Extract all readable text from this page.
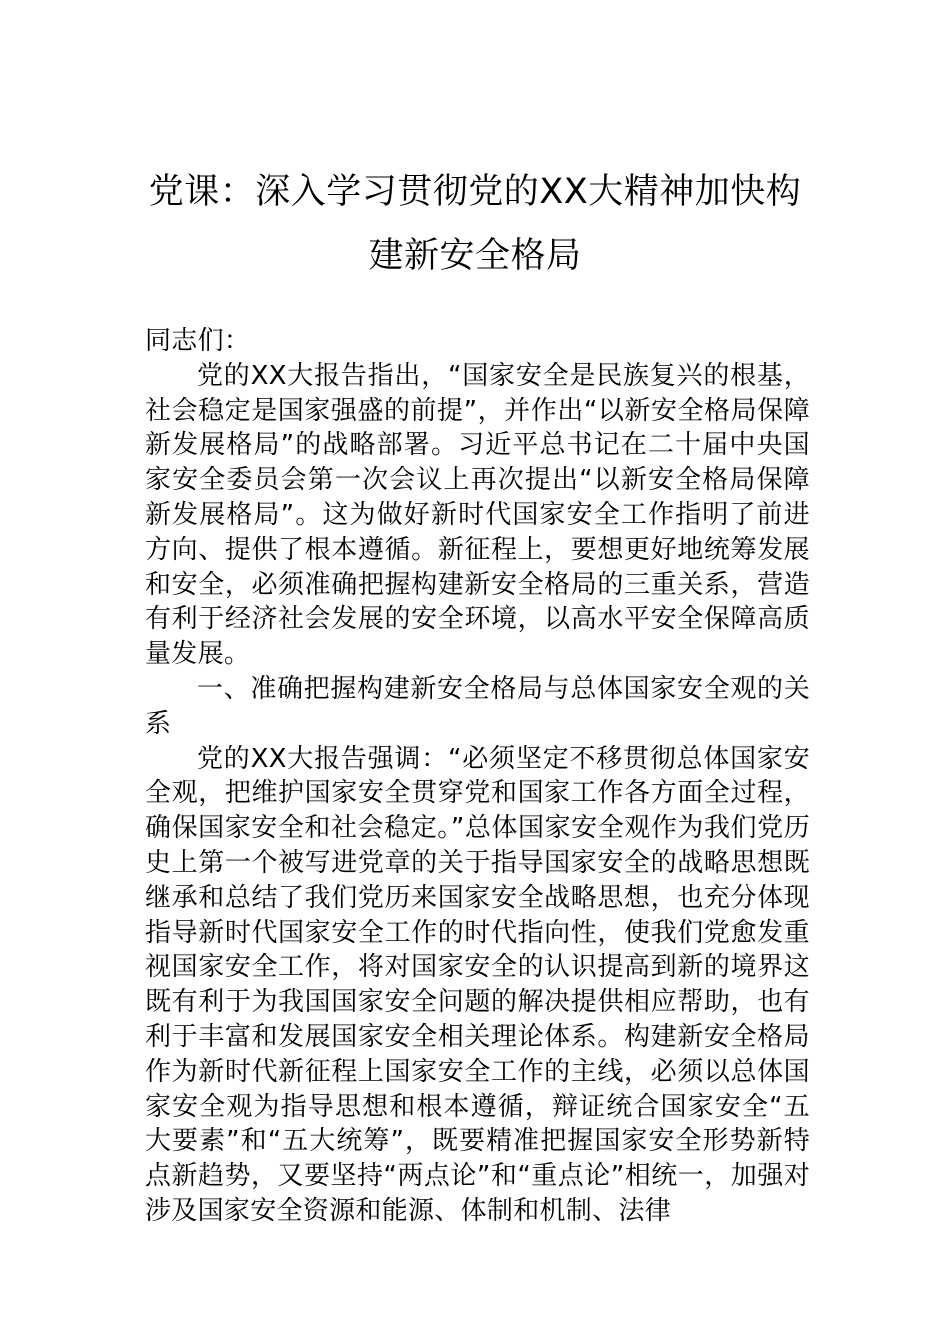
党课：深入学习贯彻党的XX大精神加快构
建新安全格局

同志们：

党的XX大报告指出，“国家安全是民族复兴的根基，社会稳定是国家强盛的前提”，并作出“以新安全格局保障新发展格局”的战略部署。习近平总书记在二十届中央国家安全委员会第一次会议上再次提出“以新安全格局保障新发展格局”。这为做好新时代国家安全工作指明了前进方向、提供了根本遵循。新征程上，要想更好地统筹发展和安全，必须准确把握构建新安全格局的三重关系，营造有利于经济社会发展的安全环境，以高水平安全保障高质量发展。

一、准确把握构建新安全格局与总体国家安全观的关系

党的XX大报告强调：“必须坚定不移贯彻总体国家安全观，把维护国家安全贯穿党和国家工作各方面全过程，确保国家安全和社会稳定。”总体国家安全观作为我们党历史上第一个被写进党章的关于指导国家安全的战略思想既继承和总结了我们党历来国家安全战略思想，也充分体现指导新时代国家安全工作的时代指向性，使我们党愈发重视国家安全工作，将对国家安全的认识提高到新的境界这既有利于为我国国家安全问题的解决提供相应帮助，也有利于丰富和发展国家安全相关理论体系。构建新安全格局作为新时代新征程上国家安全工作的主线，必须以总体国家安全观为指导思想和根本遵循，辩证统合国家安全“五大要素”和“五大统筹”，既要精准把握国家安全形势新特点新趋势，又要坚持“两点论”和“重点论”相统一，加强对涉及国家安全资源和能源、体制和机制、法律
